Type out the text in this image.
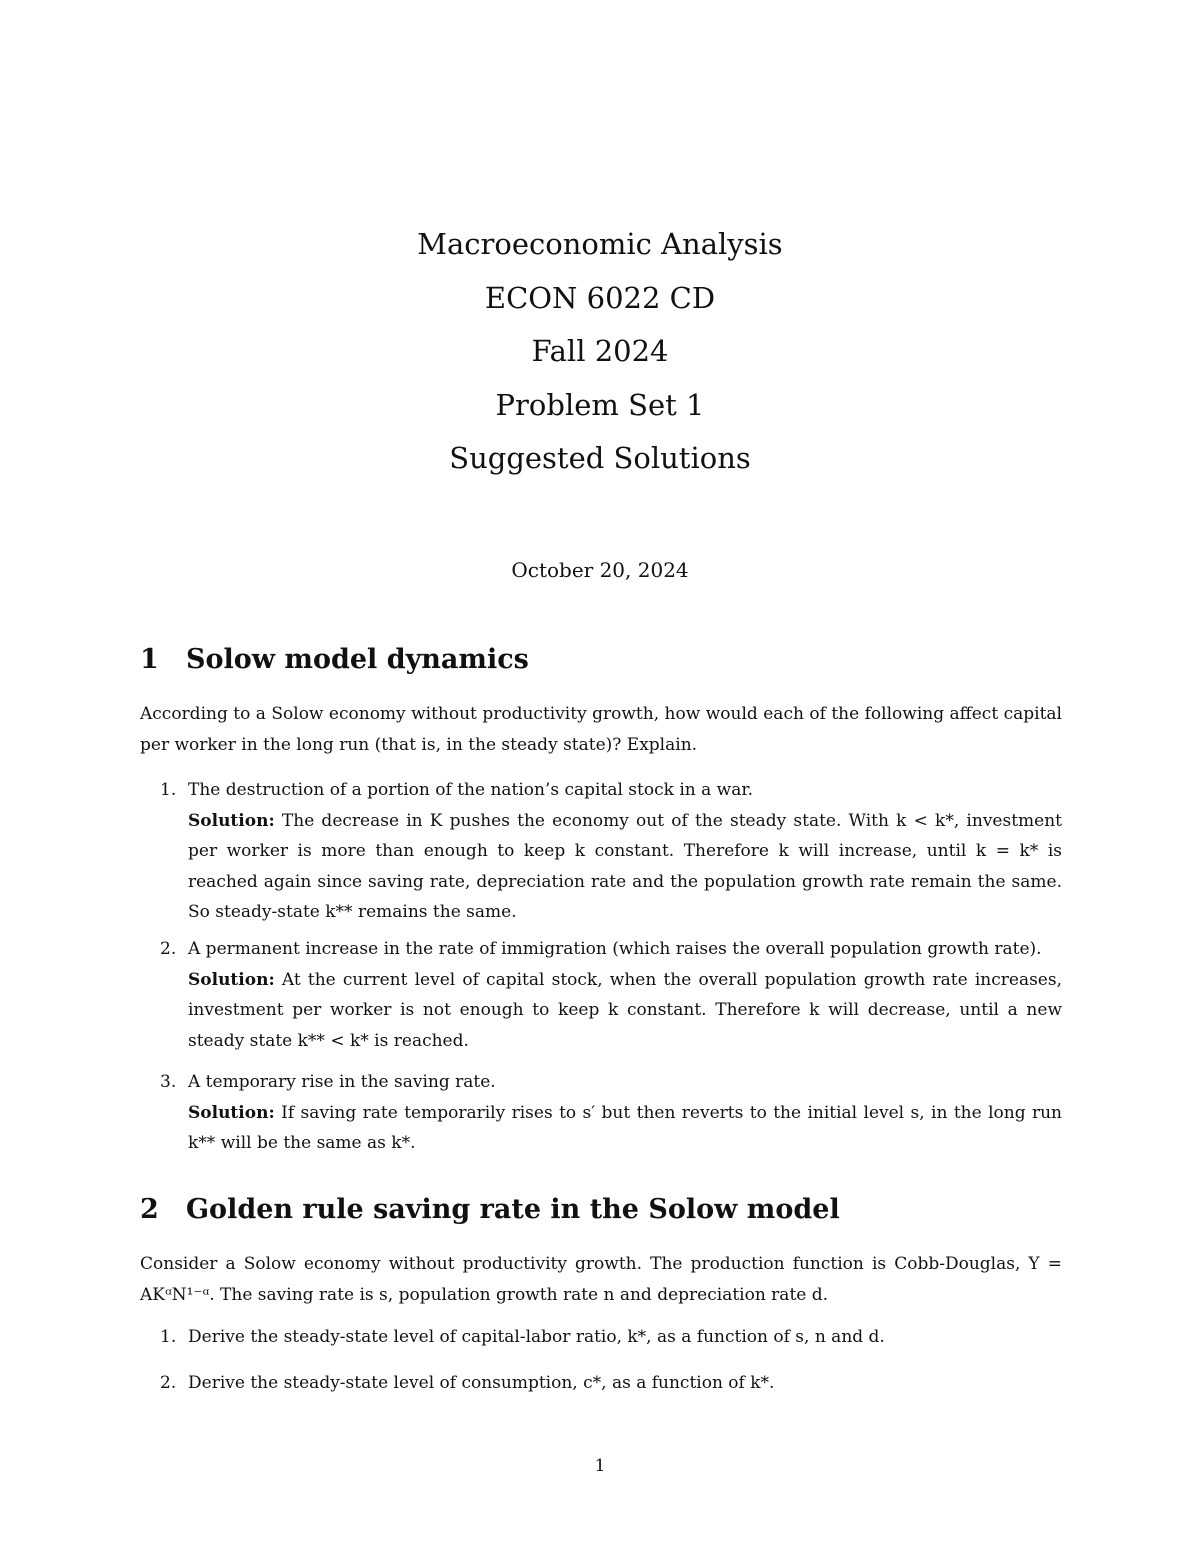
Macroeconomic Analysis

ECON 6022 CD

Fall 2024

Problem Set 1

Suggested Solutions

October 20, 2024
1 Solow model dynamics

According to a Solow economy without productivity growth, how would each of the following affect capital per worker in the long run (that is, in the steady state)? Explain.

1. The destruction of a portion of the nation’s capital stock in a war.
Solution: The decrease in K pushes the economy out of the steady state. With k < k*, investment per worker is more than enough to keep k constant. Therefore k will increase, until k = k* is reached again since saving rate, depreciation rate and the population growth rate remain the same. So steady-state k** remains the same.
2. A permanent increase in the rate of immigration (which raises the overall population growth rate).
Solution: At the current level of capital stock, when the overall population growth rate increases, investment per worker is not enough to keep k constant. Therefore k will decrease, until a new steady state k** < k* is reached.
3. A temporary rise in the saving rate.
Solution: If saving rate temporarily rises to s′ but then reverts to the initial level s, in the long run k** will be the same as k*.
2 Golden rule saving rate in the Solow model

Consider a Solow economy without productivity growth. The production function is Cobb-Douglas, Y = AKᵅN¹⁻ᵅ. The saving rate is s, population growth rate n and depreciation rate d.

1. Derive the steady-state level of capital-labor ratio, k*, as a function of s, n and d.
2. Derive the steady-state level of consumption, c*, as a function of k*.
1
